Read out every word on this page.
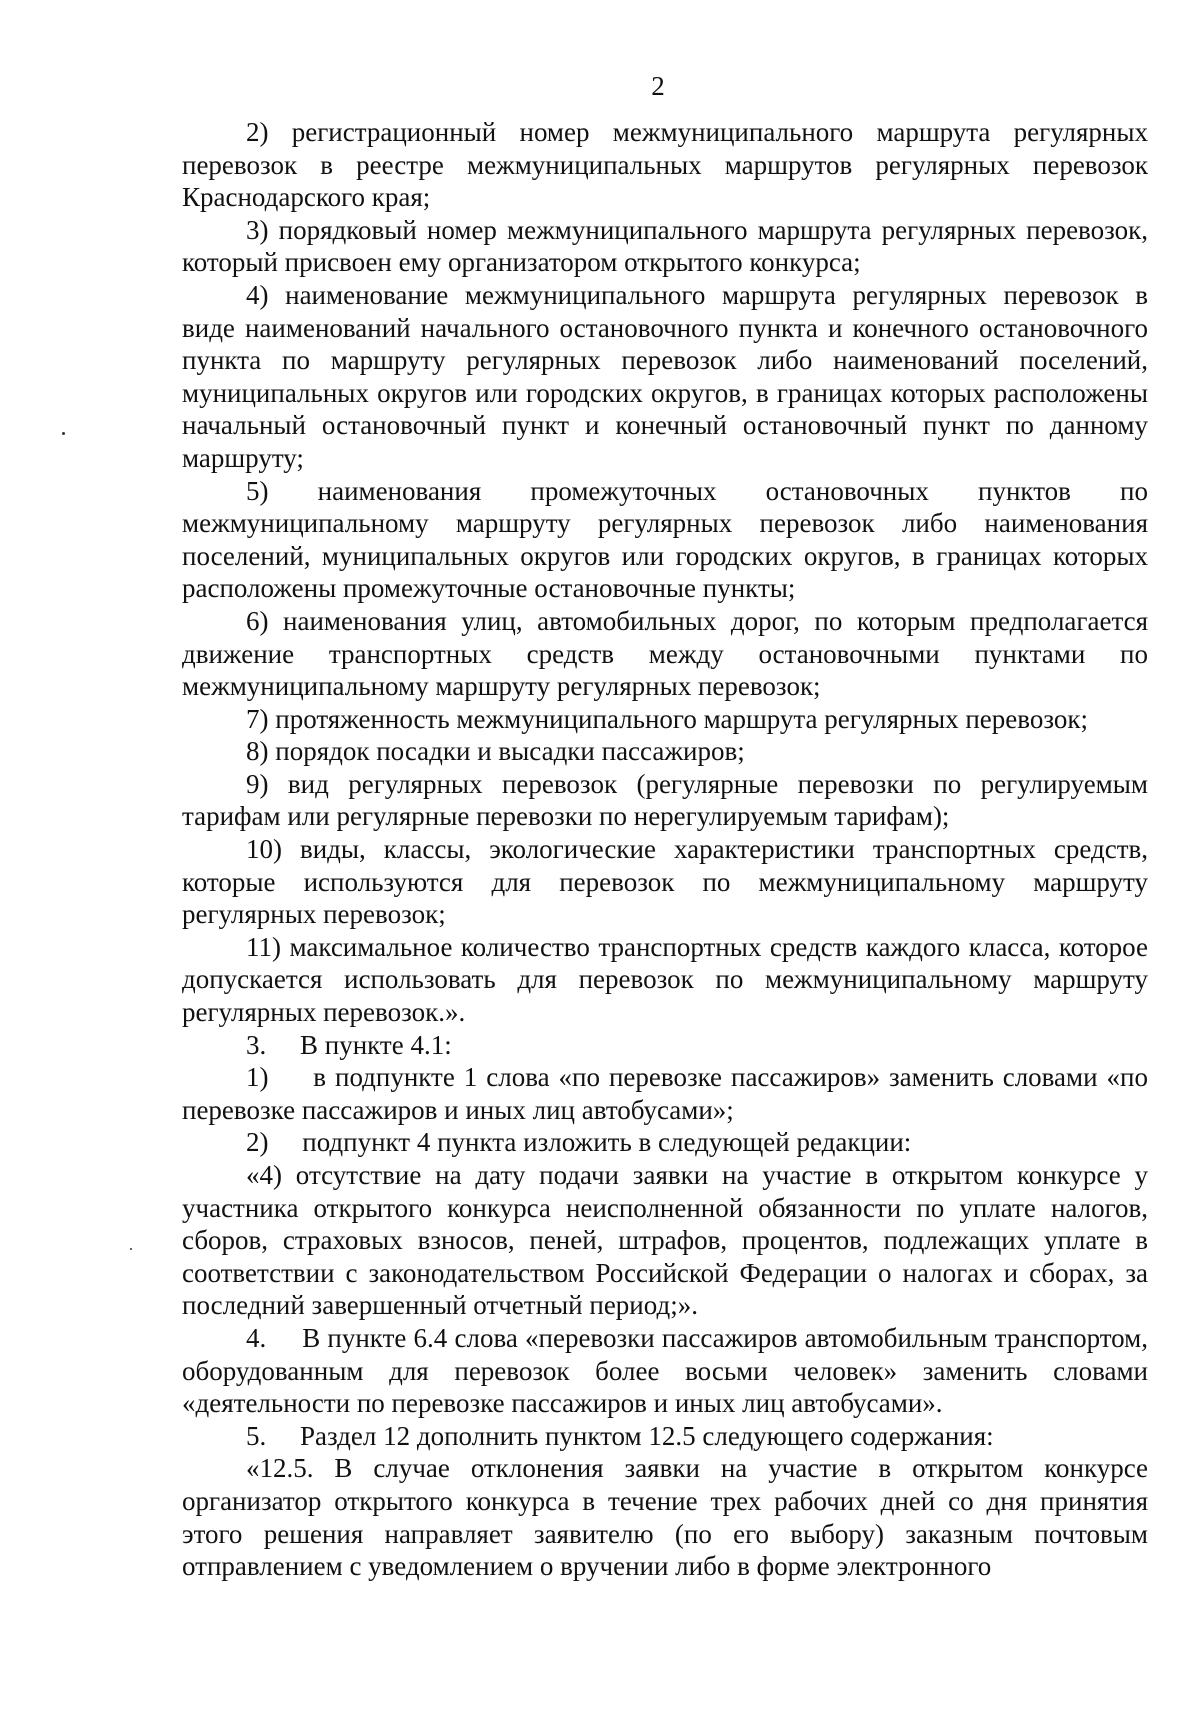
2

2) регистрационный номер межмуниципального маршрута регулярных перевозок в реестре межмуниципальных маршрутов регулярных перевозок Краснодарского края;

3) порядковый номер межмуниципального маршрута регулярных перевозок, который присвоен ему организатором открытого конкурса;

4) наименование межмуниципального маршрута регулярных перевозок в виде наименований начального остановочного пункта и конечного остановочного пункта по маршруту регулярных перевозок либо наименований поселений, муниципальных округов или городских округов, в границах которых расположены начальный остановочный пункт и конечный остановочный пункт по данному маршруту;

5) наименования промежуточных остановочных пунктов по межмуниципальному маршруту регулярных перевозок либо наименования поселений, муниципальных округов или городских округов, в границах которых расположены промежуточные остановочные пункты;

6) наименования улиц, автомобильных дорог, по которым предполагается движение транспортных средств между остановочными пунктами по межмуниципальному маршруту регулярных перевозок;

7) протяженность межмуниципального маршрута регулярных перевозок;

8) порядок посадки и высадки пассажиров;

9) вид регулярных перевозок (регулярные перевозки по регулируемым тарифам или регулярные перевозки по нерегулируемым тарифам);

10) виды, классы, экологические характеристики транспортных средств, которые используются для перевозок по межмуниципальному маршруту регулярных перевозок;

11) максимальное количество транспортных средств каждого класса, которое допускается использовать для перевозок по межмуниципальному маршруту регулярных перевозок.».

3.     В пункте 4.1:

1)     в подпункте 1 слова «по перевозке пассажиров» заменить словами «по перевозке пассажиров и иных лиц автобусами»;

2)     подпункт 4 пункта изложить в следующей редакции:

«4) отсутствие на дату подачи заявки на участие в открытом конкурсе у участника открытого конкурса неисполненной обязанности по уплате налогов, сборов, страховых взносов, пеней, штрафов, процентов, подлежащих уплате в соответствии с законодательством Российской Федерации о налогах и сборах, за последний завершенный отчетный период;».

4.     В пункте 6.4 слова «перевозки пассажиров автомобильным транспортом, оборудованным для перевозок более восьми человек» заменить словами «деятельности по перевозке пассажиров и иных лиц автобусами».

5.     Раздел 12 дополнить пунктом 12.5 следующего содержания:

«12.5. В случае отклонения заявки на участие в открытом конкурсе организатор открытого конкурса в течение трех рабочих дней со дня принятия этого решения направляет заявителю (по его выбору) заказным почтовым отправлением с уведомлением о вручении либо в форме электронного
